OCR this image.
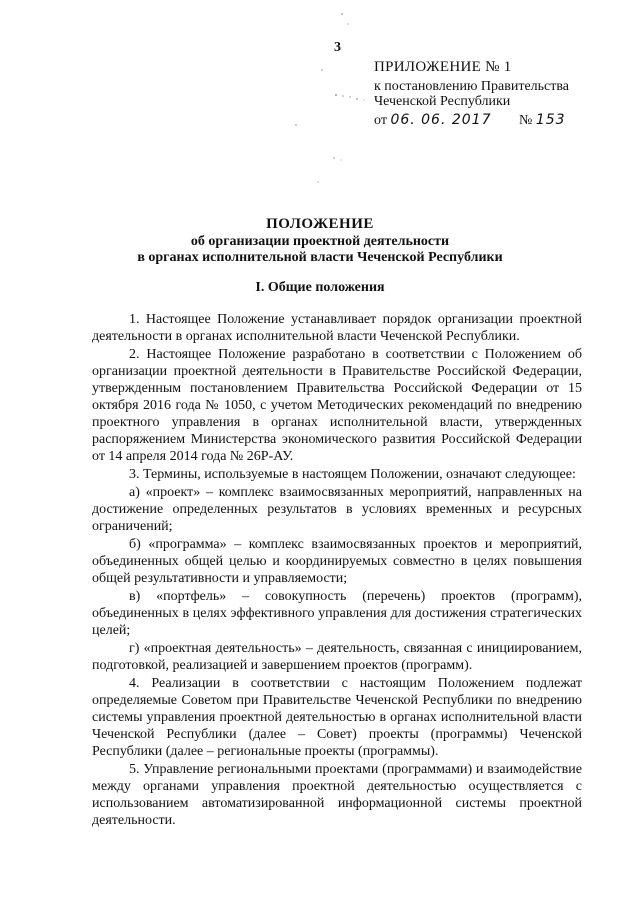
3
ПРИЛОЖЕНИЕ № 1
к постановлению Правительства
Чеченской Республики
от 06. 06. 2017 № 153
ПОЛОЖЕНИЕ
об организации проектной деятельности
в органах исполнительной власти Чеченской Республики
I. Общие положения

1. Настоящее Положение устанавливает порядок организации проектной деятельности в органах исполнительной власти Чеченской Республики.

2. Настоящее Положение разработано в соответствии с Положением об организации проектной деятельности в Правительстве Российской Федерации, утвержденным постановлением Правительства Российской Федерации от 15 октября 2016 года № 1050, с учетом Методических рекомендаций по внедрению проектного управления в органах исполнительной власти, утвержденных распоряжением Министерства экономического развития Российской Федерации от 14 апреля 2014 года № 26Р-АУ.

3. Термины, используемые в настоящем Положении, означают следующее:

а) «проект» – комплекс взаимосвязанных мероприятий, направленных на достижение определенных результатов в условиях временных и ресурсных ограничений;

б) «программа» – комплекс взаимосвязанных проектов и мероприятий, объединенных общей целью и координируемых совместно в целях повышения общей результативности и управляемости;

в) «портфель» – совокупность (перечень) проектов (программ), объединенных в целях эффективного управления для достижения стратегических целей;

г) «проектная деятельность» – деятельность, связанная с инициированием, подготовкой, реализацией и завершением проектов (программ).

4. Реализации в соответствии с настоящим Положением подлежат определяемые Советом при Правительстве Чеченской Республики по внедрению системы управления проектной деятельностью в органах исполнительной власти Чеченской Республики (далее – Совет) проекты (программы) Чеченской Республики (далее – региональные проекты (программы).

5. Управление региональными проектами (программами) и взаимодействие между органами управления проектной деятельностью осуществляется с использованием автоматизированной информационной системы проектной деятельности.
